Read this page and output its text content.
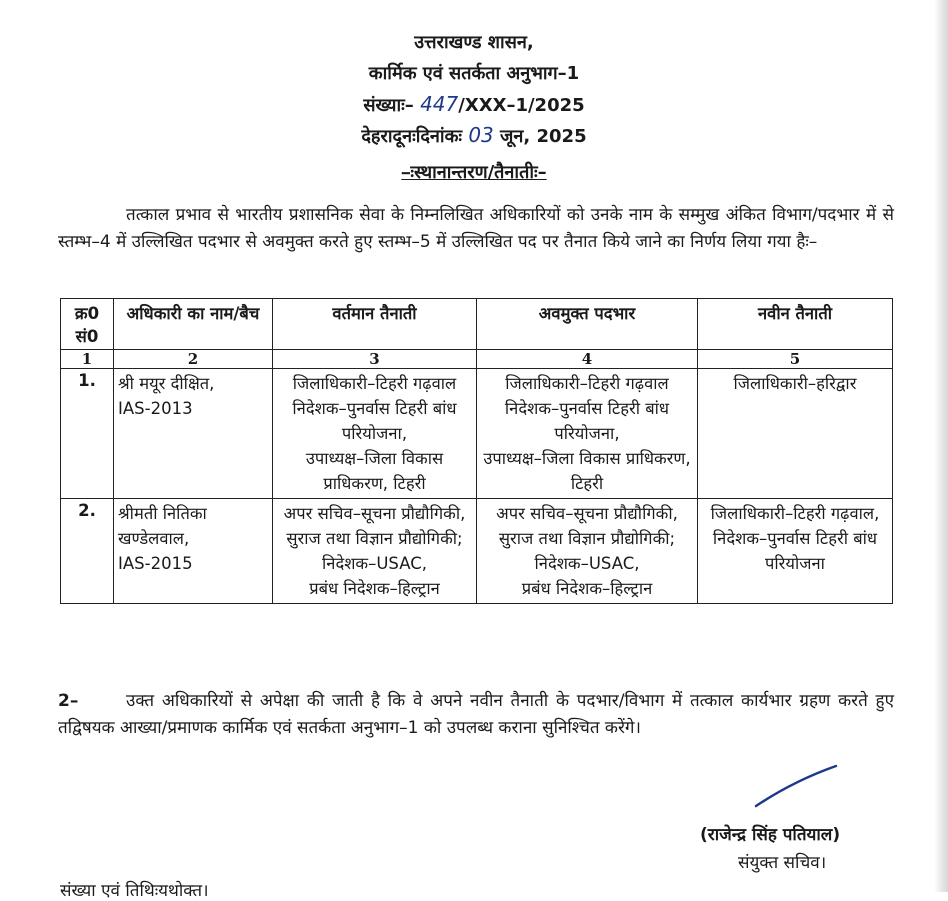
उत्तराखण्ड शासन,
कार्मिक एवं सतर्कता अनुभाग–1
संख्याः– 447/XXX–1/2025
देहरादूनःदिनांकः 03 जून, 2025
–ःस्थानान्तरण/तैनातीः–
तत्काल प्रभाव से भारतीय प्रशासनिक सेवा के निम्नलिखित अधिकारियों को उनके नाम के सम्मुख अंकित विभाग/पदभार में से स्तम्भ–4 में उल्लिखित पदभार से अवमुक्त करते हुए स्तम्भ–5 में उल्लिखित पद पर तैनात किये जाने का निर्णय लिया गया हैः–
क्र0 सं0	अधिकारी का नाम/बैच	वर्तमान तैनाती	अवमुक्त पदभार	नवीन तैनाती
1	2	3	4	5
1.	श्री मयूर दीक्षित,
IAS-2013	जिलाधिकारी–टिहरी गढ़वाल
निदेशक–पुनर्वास टिहरी बांध परियोजना,
उपाध्यक्ष–जिला विकास प्राधिकरण, टिहरी	जिलाधिकारी–टिहरी गढ़वाल
निदेशक–पुनर्वास टिहरी बांध परियोजना,
उपाध्यक्ष–जिला विकास प्राधिकरण, टिहरी	जिलाधिकारी–हरिद्वार

2.	श्रीमती नितिका खण्डेलवाल,
IAS-2015	अपर सचिव–सूचना प्रौद्यौगिकी, सुराज तथा विज्ञान प्रौद्योगिकी;
निदेशक–USAC,
प्रबंध निदेशक–हिल्ट्रान	अपर सचिव–सूचना प्रौद्यौगिकी, सुराज तथा विज्ञान प्रौद्योगिकी;
निदेशक–USAC,
प्रबंध निदेशक–हिल्ट्रान	जिलाधिकारी–टिहरी गढ़वाल,
निदेशक–पुनर्वास टिहरी बांध परियोजना
2–	उक्त अधिकारियों से अपेक्षा की जाती है कि वे अपने नवीन तैनाती के पदभार/विभाग में तत्काल कार्यभार ग्रहण करते हुए तद्विषयक आख्या/प्रमाणक कार्मिक एवं सतर्कता अनुभाग–1 को उपलब्ध कराना सुनिश्चित करेंगे।
(राजेन्द्र सिंह पतियाल)
संयुक्त सचिव।
संख्या एवं तिथिःयथोक्त।
